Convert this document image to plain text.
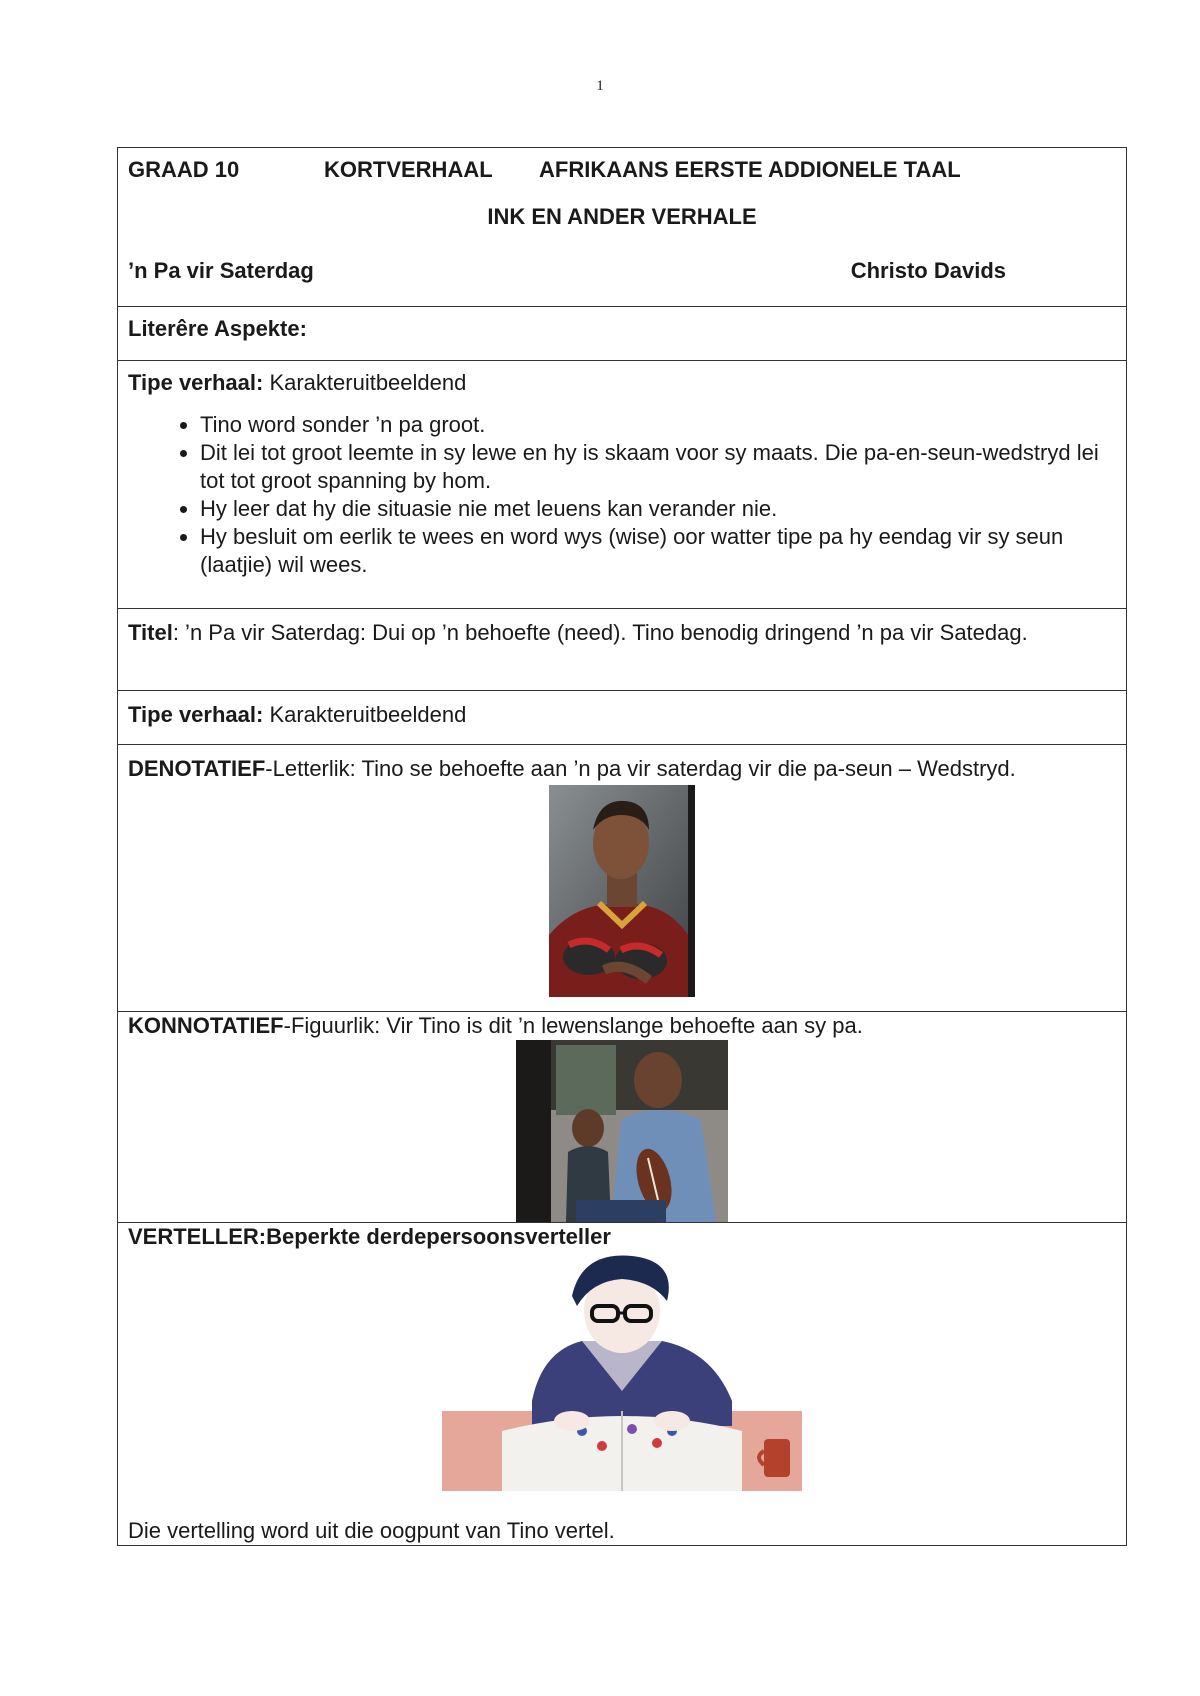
1
GRAAD 10	KORTVERHAAL	AFRIKAANS EERSTE ADDIONELE TAAL
INK EN ANDER VERHALE
’n Pa vir Saterdag	Christo Davids
Literêre Aspekte:
Tipe verhaal: Karakteruitbeeldend
• Tino word sonder ’n pa groot.
• Dit lei tot groot leemte in sy lewe en hy is skaam voor sy maats. Die pa-en-seun-wedstryd lei tot tot groot spanning by hom.
• Hy leer dat hy die situasie nie met leuens kan verander nie.
• Hy besluit om eerlik te wees en word wys (wise) oor watter tipe pa hy eendag vir sy seun (laatjie) wil wees.
Titel: ’n Pa vir Saterdag: Dui op ’n behoefte (need). Tino benodig dringend ’n pa vir Satedag.
Tipe verhaal: Karakteruitbeeldend
DENOTATIEF-Letterlik: Tino se behoefte aan ’n pa vir saterdag vir die pa-seun – Wedstryd.
KONNOTATIEF-Figuurlik: Vir Tino is dit ’n lewenslange behoefte aan sy pa.
VERTELLER:Beperkte derdepersoonsverteller
Die vertelling word uit die oogpunt van Tino vertel.
